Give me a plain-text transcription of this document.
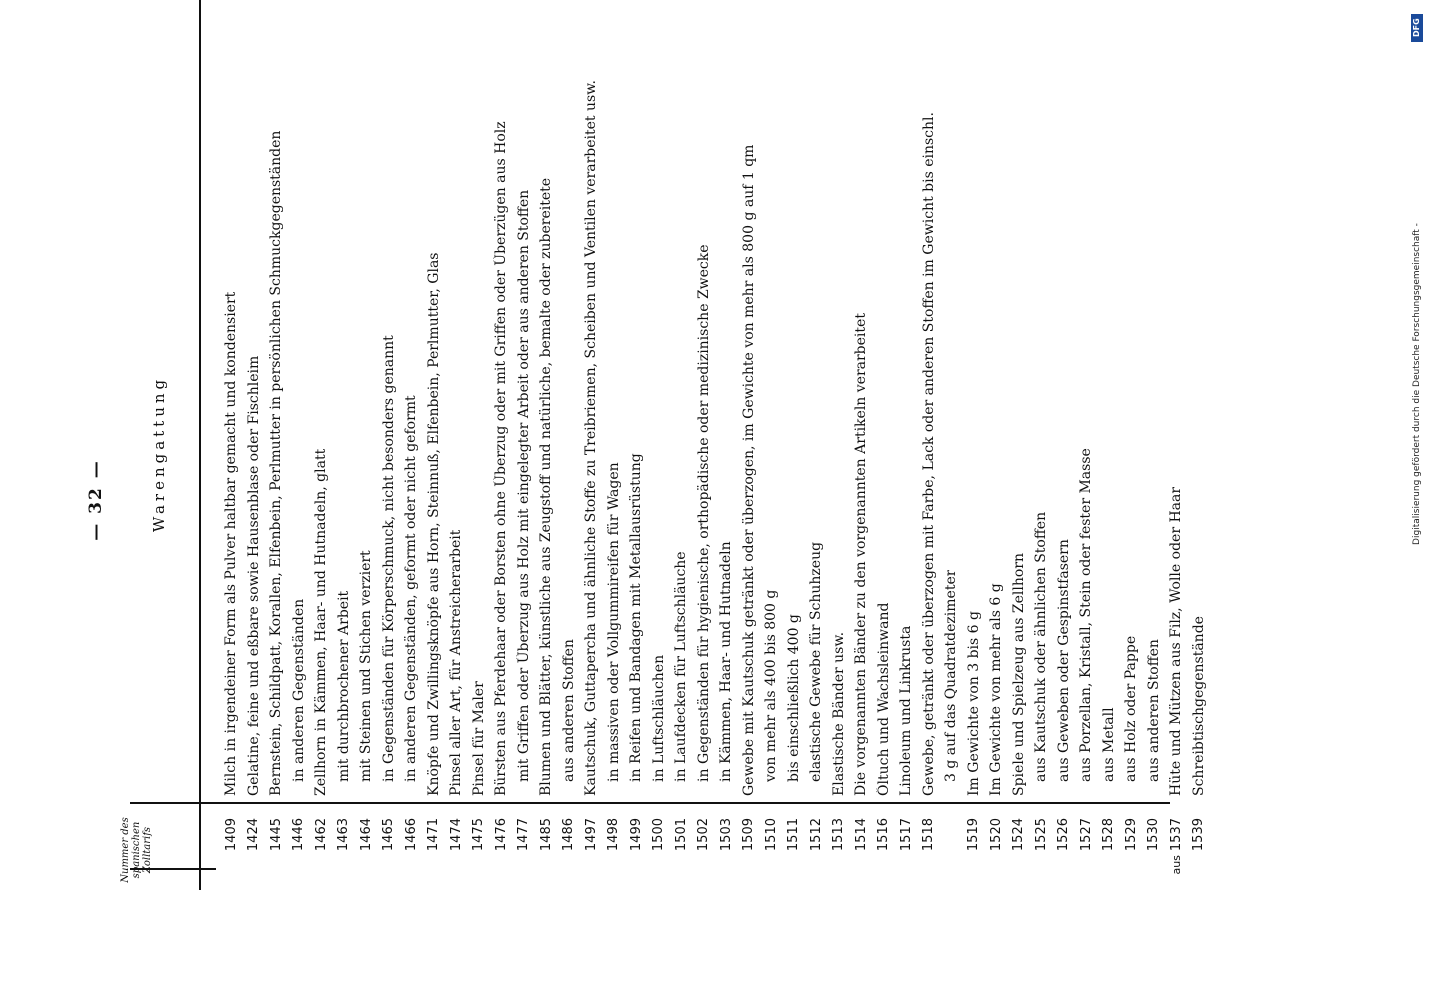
— 32 —
Nummer des spanischen Zolltarifs
Warengattung
1409
Milch in irgendeiner Form als Pulver haltbar gemacht und kondensiert
1424
Gelatine, feine und eßbare sowie Hausenblase oder Fischleim
1445
Bernstein, Schildpatt, Korallen, Elfenbein, Perlmutter in persönlichen Schmuckgegenständen
1446
in anderen Gegenständen
1462
Zellhorn in Kämmen, Haar- und Hutnadeln, glatt
1463
mit durchbrochener Arbeit
1464
mit Steinen und Stichen verziert
1465
in Gegenständen für Körperschmuck, nicht besonders genannt
1466
in anderen Gegenständen, geformt oder nicht geformt
1471
Knöpfe und Zwillingsknöpfe aus Horn, Steinnuß, Elfenbein, Perlmutter, Glas
1474
Pinsel aller Art, für Anstreicherarbeit
1475
Pinsel für Maler
1476
Bürsten aus Pferdehaar oder Borsten ohne Überzug oder mit Griffen oder Überzügen aus Holz
1477
mit Griffen oder Überzug aus Holz mit eingelegter Arbeit oder aus anderen Stoffen
1485
Blumen und Blätter, künstliche aus Zeugstoff und natürliche, bemalte oder zubereitete
1486
aus anderen Stoffen
1497
Kautschuk, Guttapercha und ähnliche Stoffe zu Treibriemen, Scheiben und Ventilen verarbeitet usw.
1498
in massiven oder Vollgummireifen für Wagen
1499
in Reifen und Bandagen mit Metallausrüstung
1500
in Luftschläuchen
1501
in Laufdecken für Luftschläuche
1502
in Gegenständen für hygienische, orthopädische oder medizinische Zwecke
1503
in Kämmen, Haar- und Hutnadeln
1509
Gewebe mit Kautschuk getränkt oder überzogen, im Gewichte von mehr als 800 g auf 1 qm
1510
von mehr als 400 bis 800 g
1511
bis einschließlich 400 g
1512
elastische Gewebe für Schuhzeug
1513
Elastische Bänder usw.
1514
Die vorgenannten Bänder zu den vorgenannten Artikeln verarbeitet
1516
Öltuch und Wachsleinwand
1517
Linoleum und Linkrusta
1518
Gewebe, getränkt oder überzogen mit Farbe, Lack oder anderen Stoffen im Gewicht bis einschl. 3 g auf das Quadratdezimeter
1519
Im Gewichte von 3 bis 6 g
1520
Im Gewichte von mehr als 6 g
1524
Spiele und Spielzeug aus Zellhorn
1525
aus Kautschuk oder ähnlichen Stoffen
1526
aus Geweben oder Gespinstfasern
1527
aus Porzellan, Kristall, Stein oder fester Masse
1528
aus Metall
1529
aus Holz oder Pappe
1530
aus anderen Stoffen
aus1537
Hüte und Mützen aus Filz, Wolle oder Haar
1539
Schreibtischgegenstände
DFG
Digitalisierung gefördert durch die Deutsche Forschungsgemeinschaft -
